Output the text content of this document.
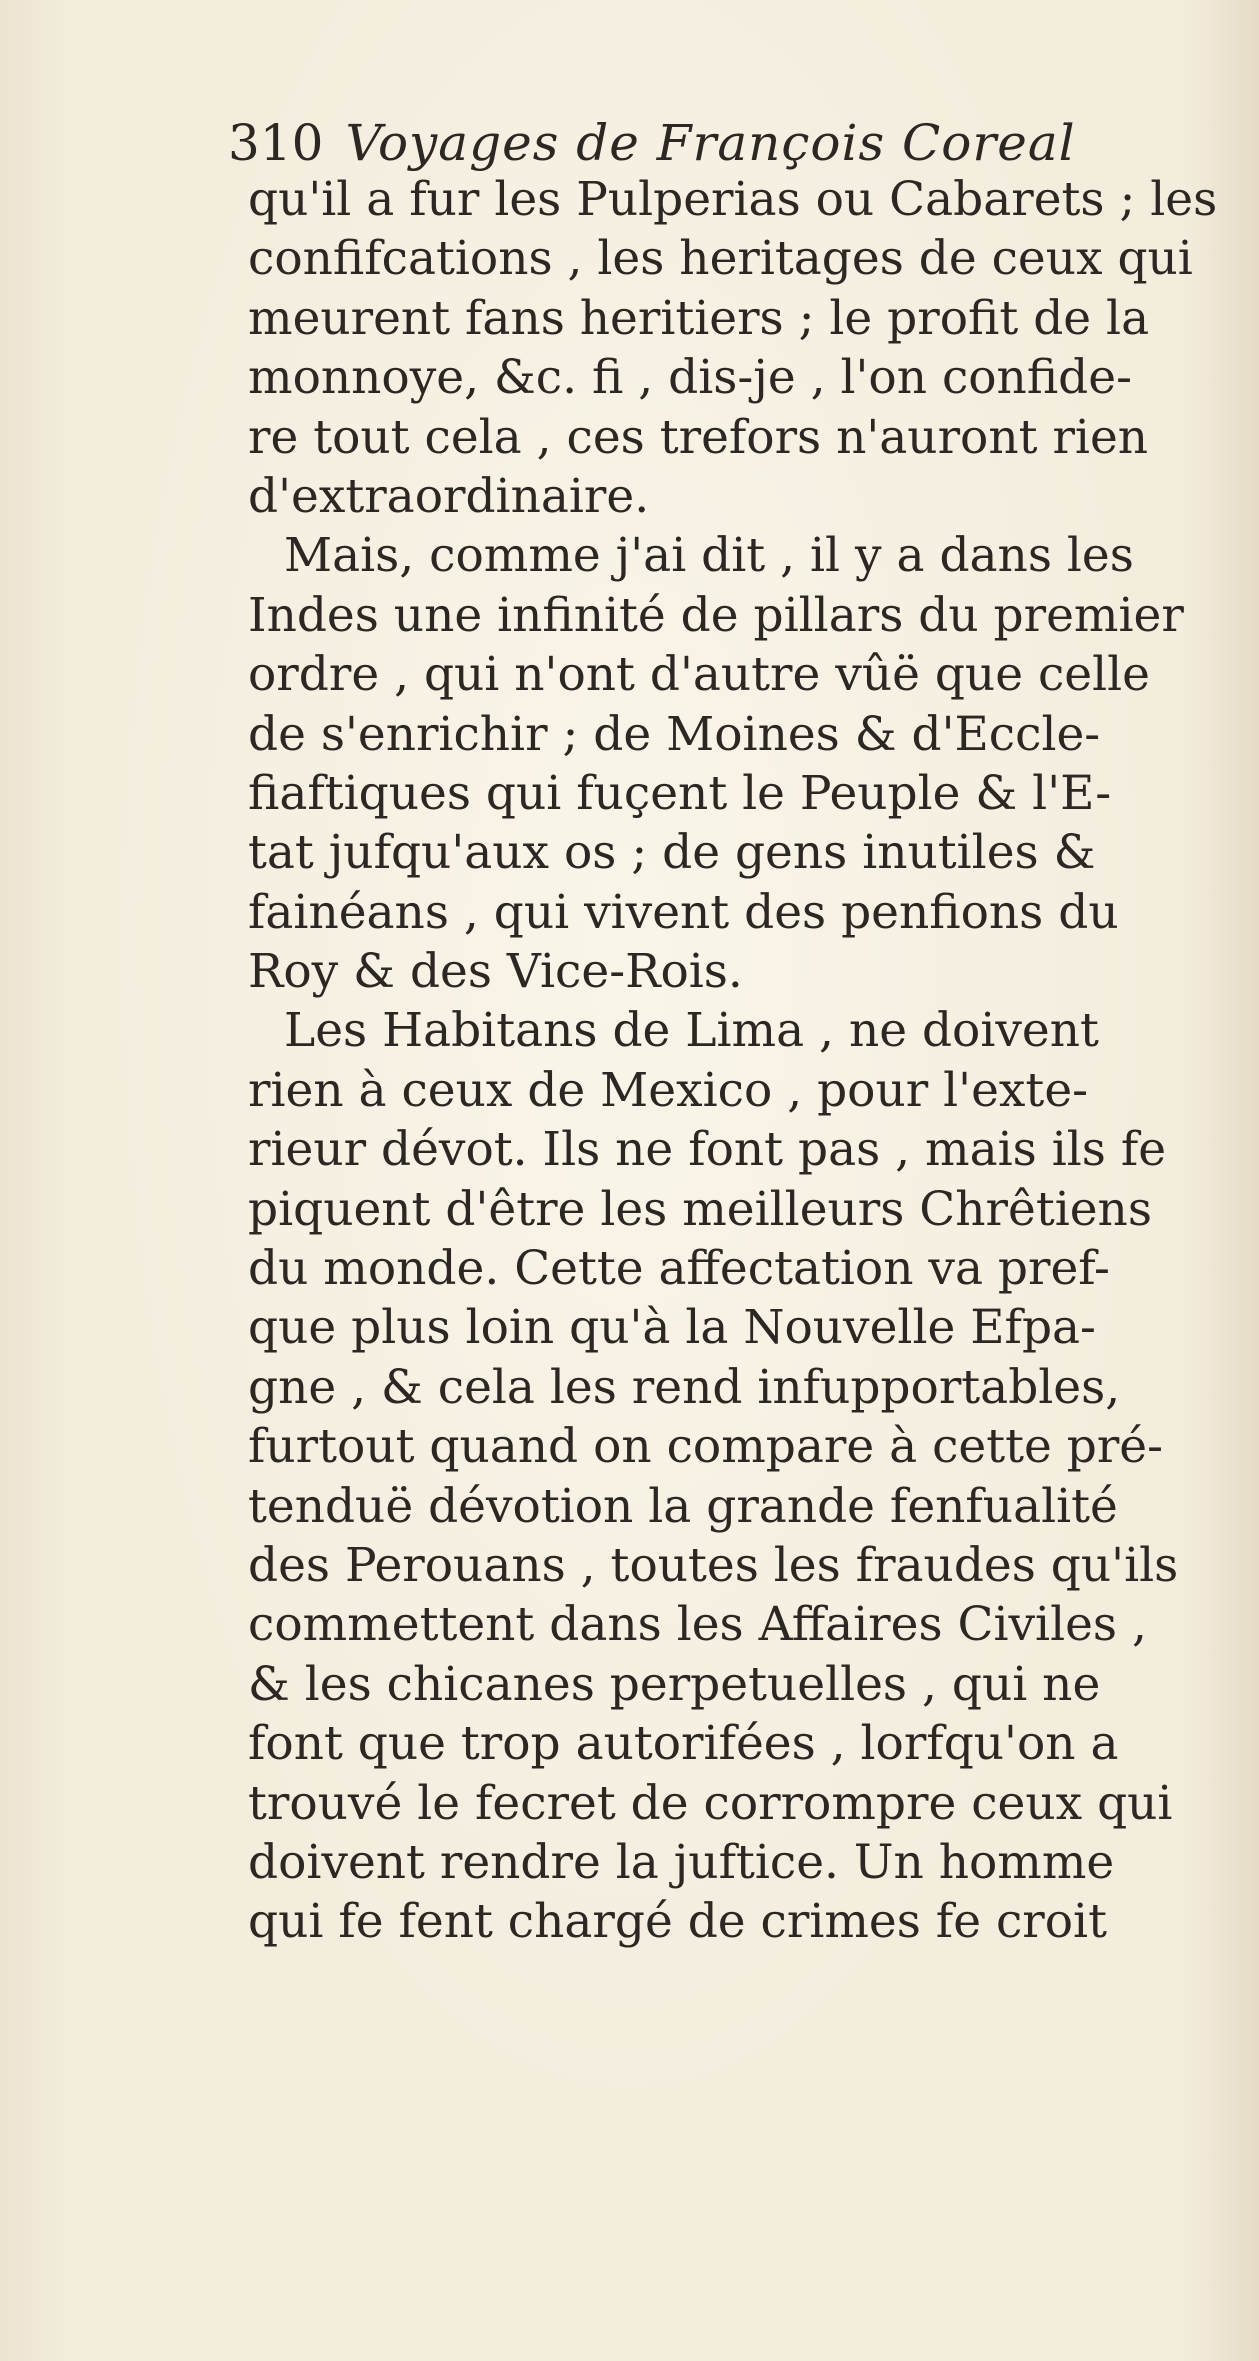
310 Voyages de François Coreal
qu'il a fur les Pulperias ou Cabarets ; les
confifcations , les heritages de ceux qui
meurent fans heritiers ; le profit de la
monnoye, &c. fi , dis-je , l'on confide-
re tout cela , ces trefors n'auront rien
d'extraordinaire.
Mais, comme j'ai dit , il y a dans les
Indes une infinité de pillars du premier
ordre , qui n'ont d'autre vûë que celle
de s'enrichir ; de Moines & d'Eccle-
fiaftiques qui fuçent le Peuple & l'E-
tat jufqu'aux os ; de gens inutiles &
fainéans , qui vivent des penfions du
Roy & des Vice-Rois.
Les Habitans de Lima , ne doivent
rien à ceux de Mexico , pour l'exte-
rieur dévot. Ils ne font pas , mais ils fe
piquent d'être les meilleurs Chrêtiens
du monde. Cette affectation va pref-
que plus loin qu'à la Nouvelle Efpa-
gne , & cela les rend infupportables,
furtout quand on compare à cette pré-
tenduë dévotion la grande fenfualité
des Perouans , toutes les fraudes qu'ils
commettent dans les Affaires Civiles ,
& les chicanes perpetuelles , qui ne
font que trop autorifées , lorfqu'on a
trouvé le fecret de corrompre ceux qui
doivent rendre la juftice. Un homme
qui fe fent chargé de crimes fe croit
